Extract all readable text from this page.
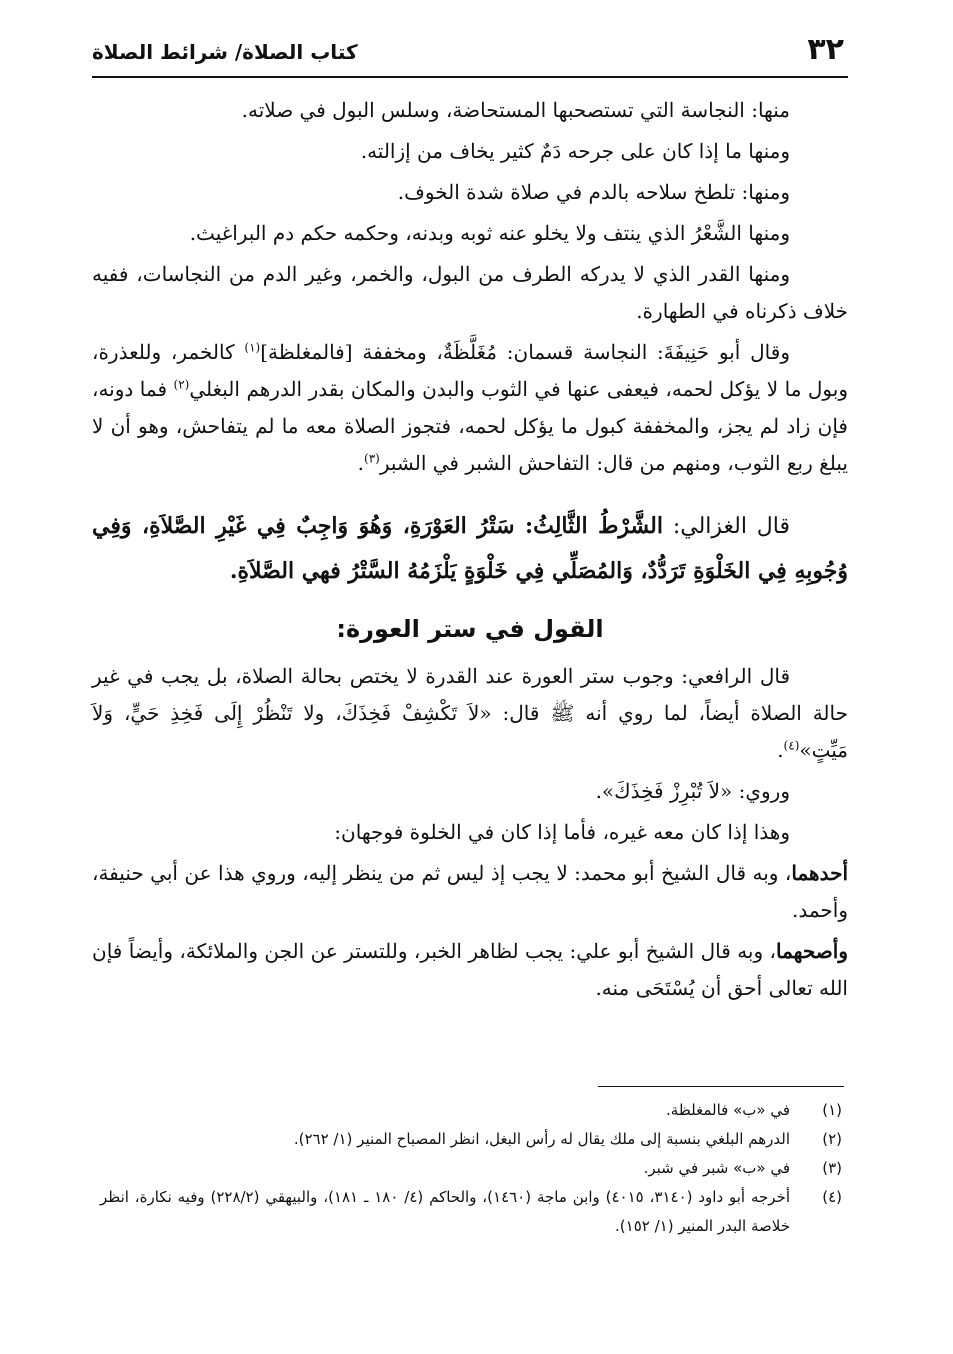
٣٢
كتاب الصلاة/ شرائط الصلاة

منها: النجاسة التي تستصحبها المستحاضة، وسلس البول في صلاته.

ومنها ما إذا كان على جرحه دَمٌ كثير يخاف من إزالته.

ومنها: تلطخ سلاحه بالدم في صلاة شدة الخوف.

ومنها الشَّعْرُ الذي ينتف ولا يخلو عنه ثوبه وبدنه، وحكمه حكم دم البراغيث.

ومنها القدر الذي لا يدركه الطرف من البول، والخمر، وغير الدم من النجاسات، ففيه خلاف ذكرناه في الطهارة.

وقال أبو حَنِيفَةَ: النجاسة قسمان: مُغَلَّظَةٌ، ومخففة [فالمغلظة]$^{(١)}$ كالخمر، وللعذرة، وبول ما لا يؤكل لحمه، فيعفى عنها في الثوب والبدن والمكان بقدر الدرهم البغلي$^{(٢)}$ فما دونه، فإن زاد لم يجز، والمخففة كبول ما يؤكل لحمه، فتجوز الصلاة معه ما لم يتفاحش، وهو أن لا يبلغ ربع الثوب، ومنهم من قال: التفاحش الشبر في الشبر$^{(٣)}$.

قال الغزالي: الشَّرْطُ الثَّالِثُ: سَتْرُ العَوْرَةِ، وَهُوَ وَاجِبٌ فِي غَيْرِ الصَّلاَةِ، وَفِي وُجُوبِهِ فِي الخَلْوَةِ تَرَدُّدٌ، وَالمُصَلِّي فِي خَلْوَةٍ يَلْزَمُهُ السَّتْرُ فهي الصَّلاَةِ.

القول في ستر العورة:

قال الرافعي: وجوب ستر العورة عند القدرة لا يختص بحالة الصلاة، بل يجب في غير حالة الصلاة أيضاً، لما روي أنه ﷺ قال: «لاَ تَكْشِفْ فَخِذَكَ، ولا تَنْظُرْ إِلَى فَخِذِ حَيٍّ، وَلاَ مَيِّتٍ»$^{(٤)}$.

وروي: «لاَ تُبْرِزْ فَخِذَكَ».

وهذا إذا كان معه غيره، فأما إذا كان في الخلوة فوجهان:

أحدهما، وبه قال الشيخ أبو محمد: لا يجب إذ ليس ثم من ينظر إليه، وروي هذا عن أبي حنيفة، وأحمد.

وأصحهما، وبه قال الشيخ أبو علي: يجب لظاهر الخبر، وللتستر عن الجن والملائكة، وأيضاً فإن الله تعالى أحق أن يُسْتَحَى منه.

(١)
في «ب» فالمغلظة.
(٢)
الدرهم البلغي بنسبة إلى ملك يقال له رأس البغل، انظر المصباح المنير (١/ ٢٦٢).
(٣)
في «ب» شبر في شبر.
(٤)
أخرجه أبو داود (٣١٤٠، ٤٠١٥) وابن ماجة (١٤٦٠)، والحاكم (٤/ ١٨٠ ـ ١٨١)، والبيهقي (٢٢٨/٢) وفيه نكارة، انظر خلاصة البدر المنير (١/ ١٥٢).
